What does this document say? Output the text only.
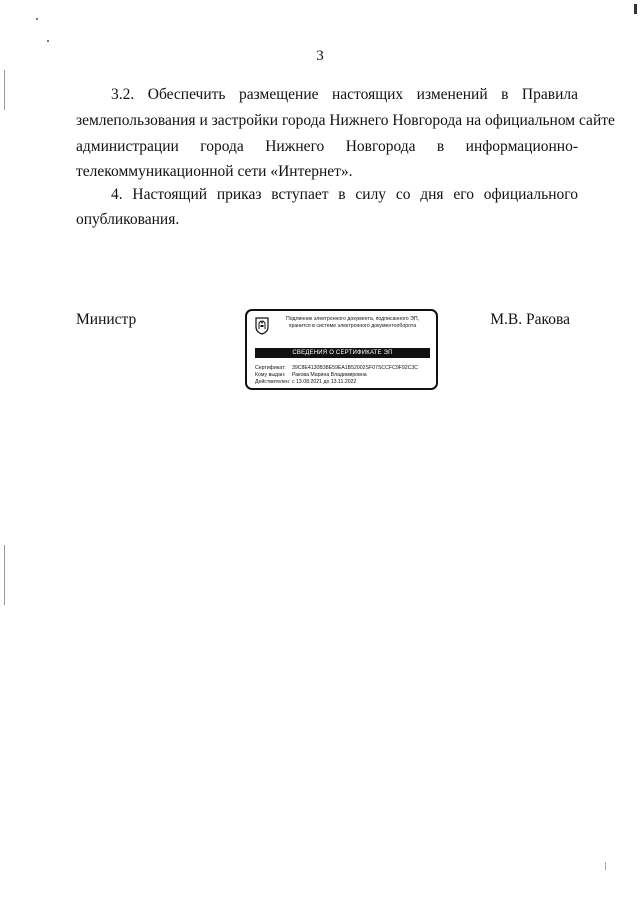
3
3.2. Обеспечить размещение настоящих изменений в Правила
землепользования и застройки города Нижнего Новгорода на официальном сайте
администрации города Нижнего Новгорода в информационно-
телекоммуникационной сети «Интернет».
4. Настоящий приказ вступает в силу со дня его официального
опубликования.
Министр	М.В. Ракова
Подлинник электронного документа, подписанного ЭП,
хранится в системе электронного документооборота
СВЕДЕНИЯ О СЕРТИФИКАТЕ ЭП
Сертификат: 39C8E4130B38E59EA1B52002SF07SCCFC9F92C3C
Кому выдан: Ракова Марина Владимировна
Действителен: с 13.08.2021 до 13.11.2022
